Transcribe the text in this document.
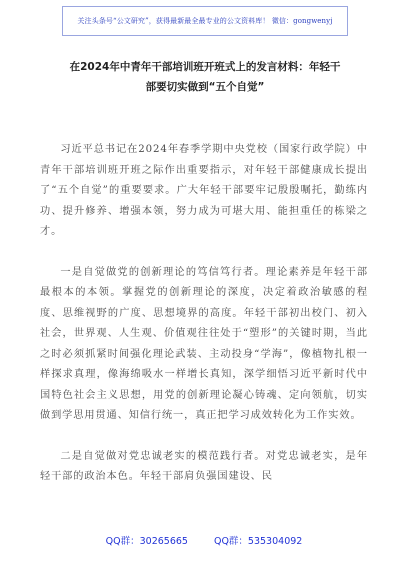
关注头条号“公文研究”，获得最新最全最专业的公文资料库！ 微信：gongwenyj
在2024年中青年干部培训班开班式上的发言材料：年轻干
部要切实做到“五个自觉”

习近平总书记在2024年春季学期中央党校（国家行政学院）中青年干部培训班开班之际作出重要指示，对年轻干部健康成长提出了“五个自觉”的重要要求。广大年轻干部要牢记殷殷嘱托，勤练内功、提升修养、增强本领，努力成为可堪大用、能担重任的栋梁之才。

一是自觉做党的创新理论的笃信笃行者。理论素养是年轻干部最根本的本领。掌握党的创新理论的深度，决定着政治敏感的程度、思维视野的广度、思想境界的高度。年轻干部初出校门、初入社会，世界观、人生观、价值观往往处于“塑形”的关键时期，当此之时必须抓紧时间强化理论武装、主动投身“学海”，像植物扎根一样探求真理，像海绵吸水一样增长真知，深学细悟习近平新时代中国特色社会主义思想，用党的创新理论凝心铸魂、定向领航，切实做到学思用贯通、知信行统一，真正把学习成效转化为工作实效。

二是自觉做对党忠诚老实的模范践行者。对党忠诚老实，是年轻干部的政治本色。年轻干部肩负强国建设、民

QQ群：30265665	QQ群：535304092
